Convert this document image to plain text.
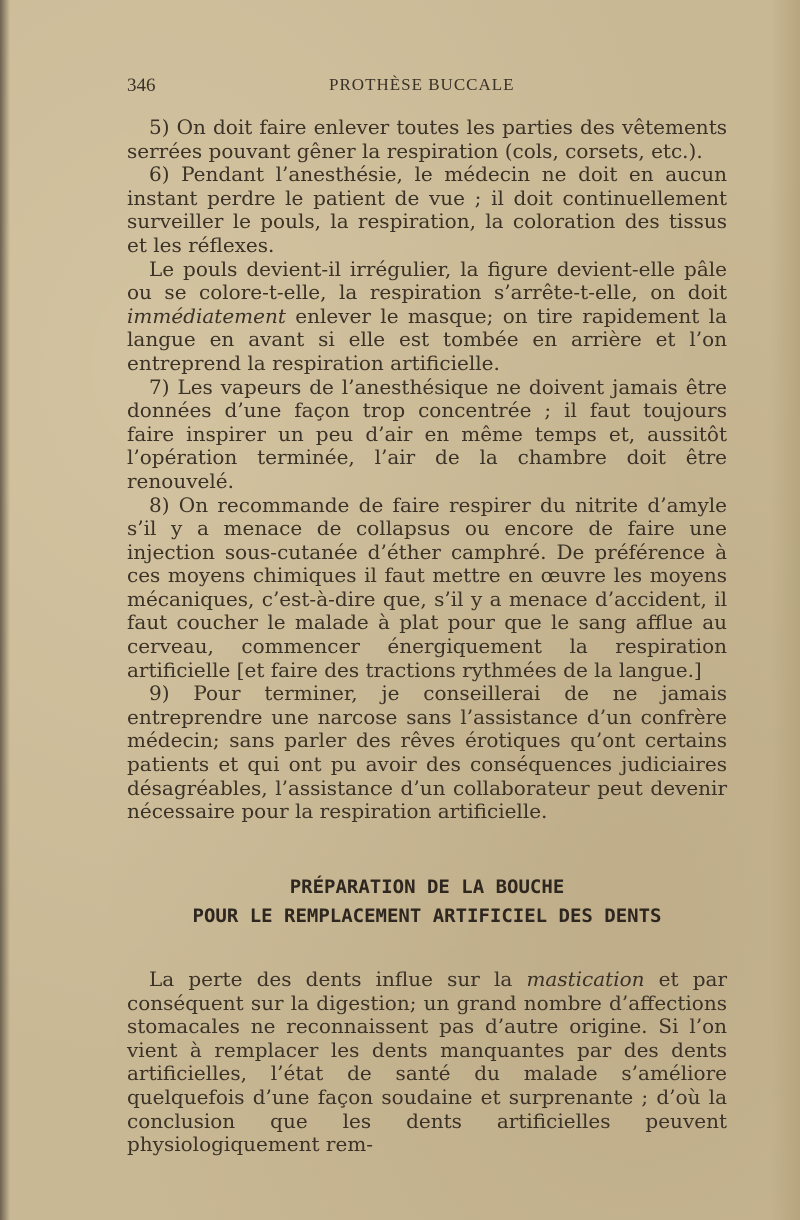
346	PROTHÈSE BUCCALE

5) On doit faire enlever toutes les parties des vêtements serrées pouvant gêner la respiration (cols, corsets, etc.).

6) Pendant l’anesthésie, le médecin ne doit en aucun instant perdre le patient de vue ; il doit continuellement surveiller le pouls, la respiration, la coloration des tissus et les réflexes.

Le pouls devient-il irrégulier, la figure devient-elle pâle ou se colore-t-elle, la respiration s’arrête-t-elle, on doit immédiatement enlever le masque; on tire rapidement la langue en avant si elle est tombée en arrière et l’on entreprend la respiration artificielle.

7) Les vapeurs de l’anesthésique ne doivent jamais être données d’une façon trop concentrée ; il faut toujours faire inspirer un peu d’air en même temps et, aussitôt l’opération terminée, l’air de la chambre doit être renouvelé.

8) On recommande de faire respirer du nitrite d’amyle s’il y a menace de collapsus ou encore de faire une injection sous-cutanée d’éther camphré. De préférence à ces moyens chimiques il faut mettre en œuvre les moyens mécaniques, c’est-à-dire que, s’il y a menace d’accident, il faut coucher le malade à plat pour que le sang afflue au cerveau, commencer énergiquement la respiration artificielle [et faire des tractions rythmées de la langue.]

9) Pour terminer, je conseillerai de ne jamais entreprendre une narcose sans l’assistance d’un confrère médecin; sans parler des rêves érotiques qu’ont certains patients et qui ont pu avoir des conséquences judiciaires désagréables, l’assistance d’un collaborateur peut devenir nécessaire pour la respiration artificielle.

PRÉPARATION DE LA BOUCHE
POUR LE REMPLACEMENT ARTIFICIEL DES DENTS

La perte des dents influe sur la mastication et par conséquent sur la digestion; un grand nombre d’affections stomacales ne reconnaissent pas d’autre origine. Si l’on vient à remplacer les dents manquantes par des dents artificielles, l’état de santé du malade s’améliore quelquefois d’une façon soudaine et surprenante ; d’où la conclusion que les dents artificielles peuvent physiologiquement rem-
